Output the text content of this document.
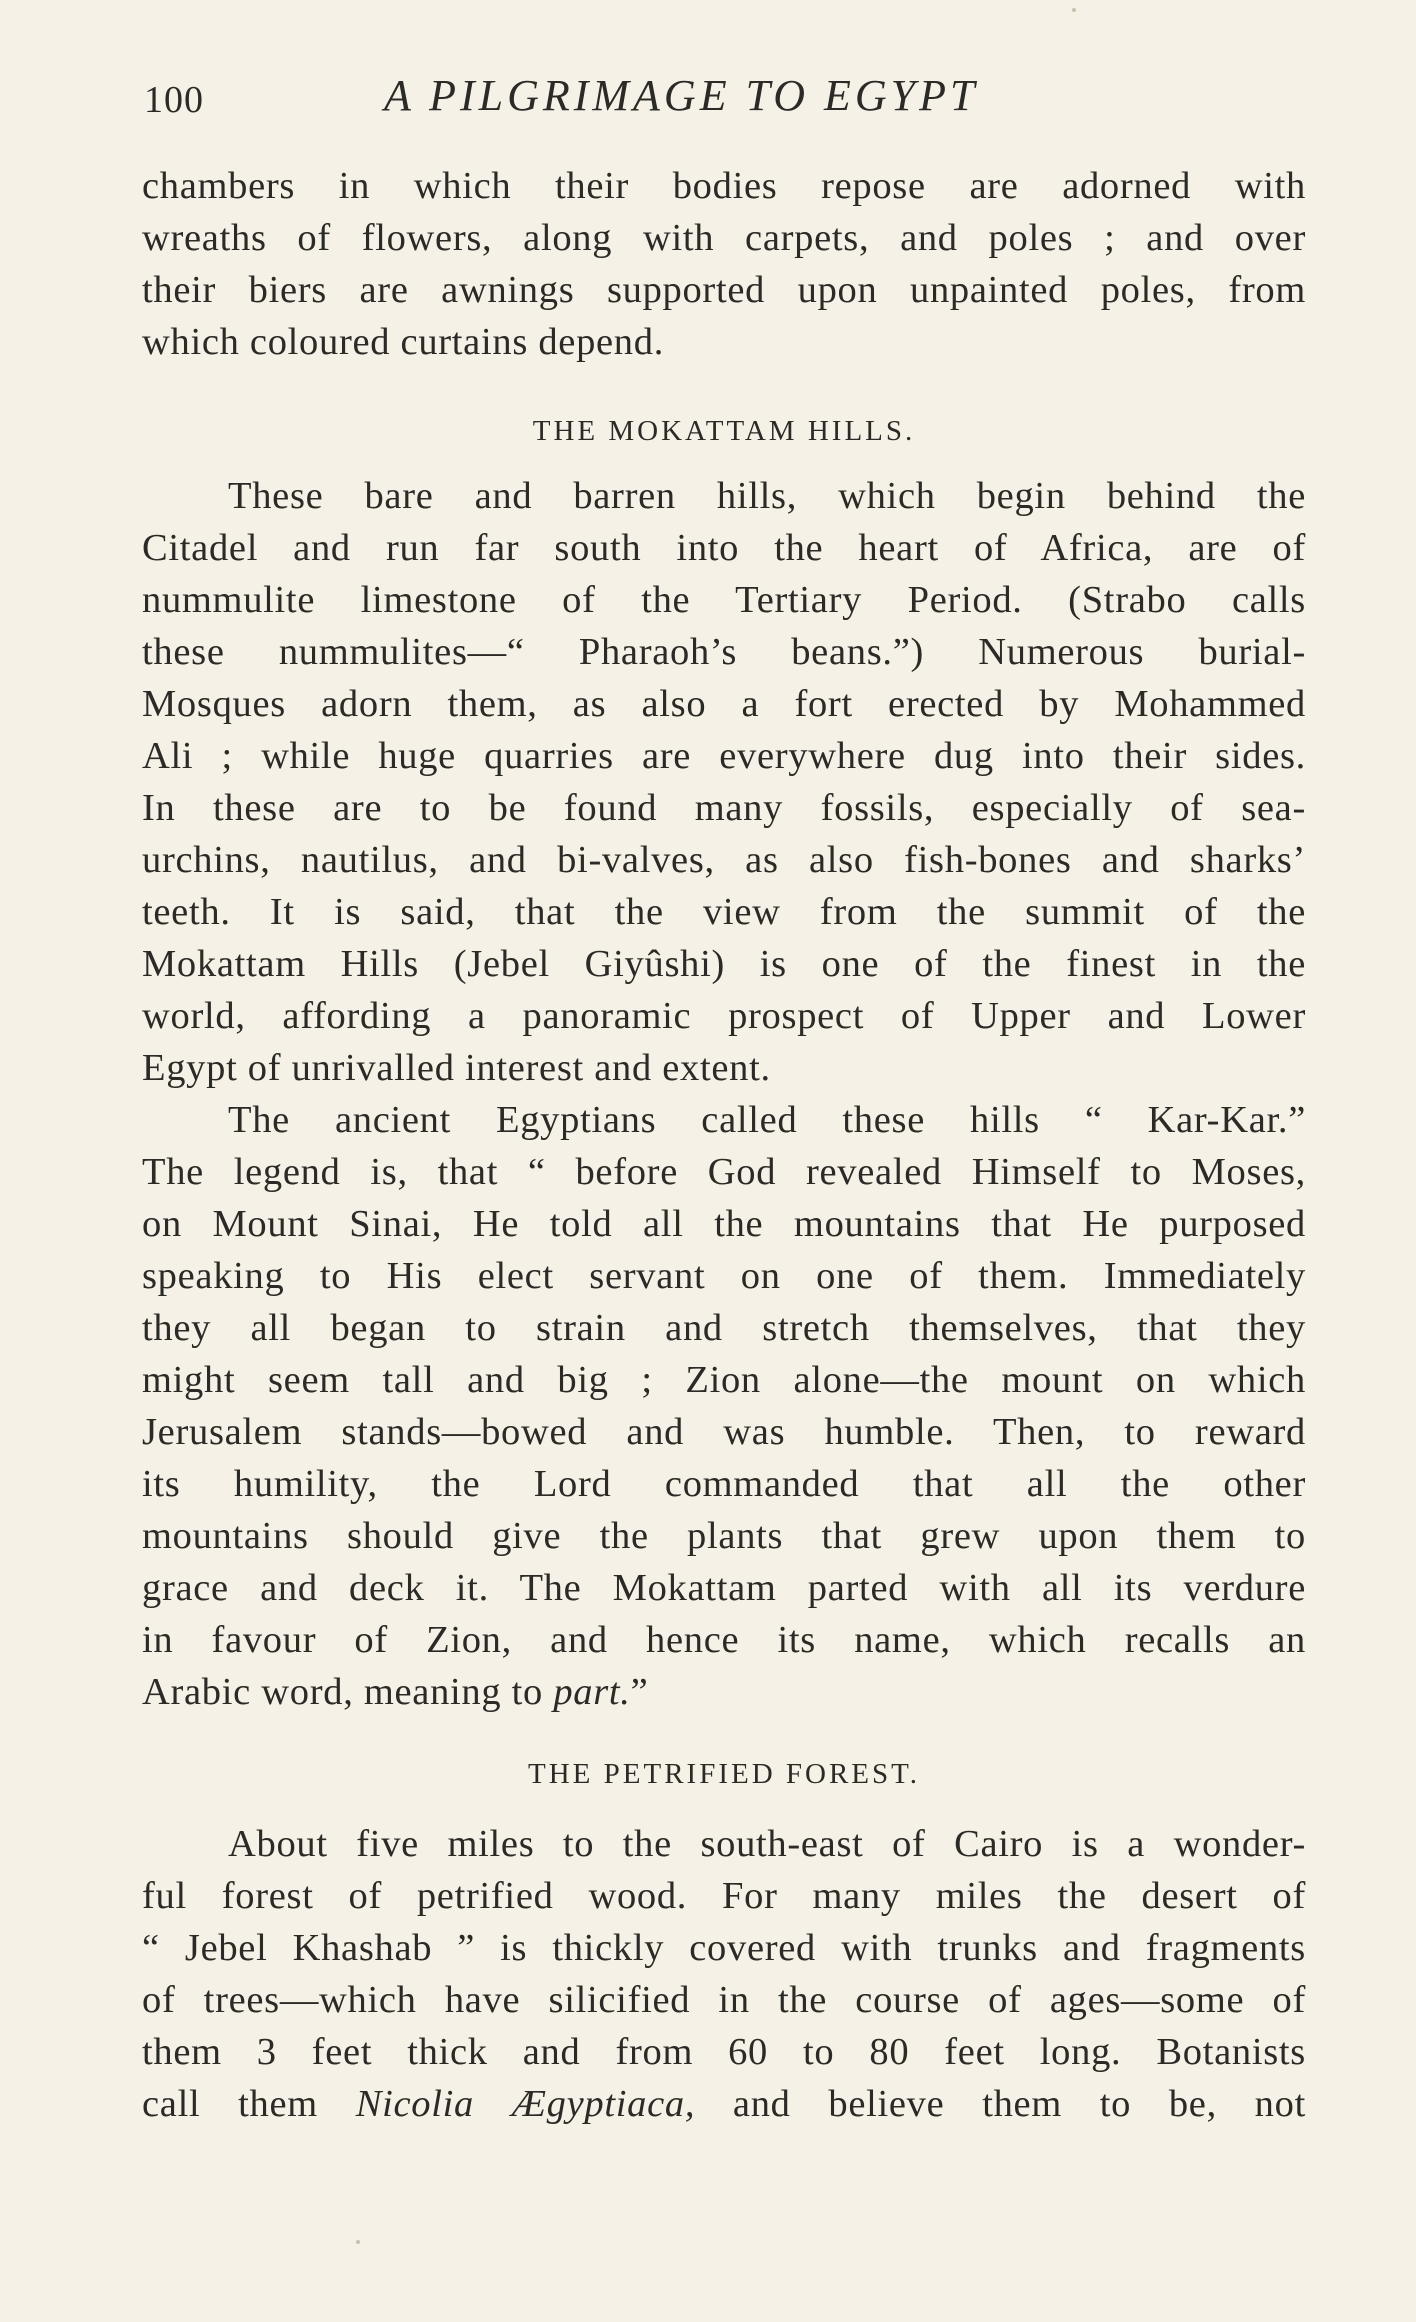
100	A PILGRIMAGE TO EGYPT
chambers in which their bodies repose are adorned with
wreaths of flowers, along with carpets, and poles ; and over
their biers are awnings supported upon unpainted poles, from
which coloured curtains depend.
THE MOKATTAM HILLS.
These bare and barren hills, which begin behind the
Citadel and run far south into the heart of Africa, are of
nummulite limestone of the Tertiary Period. (Strabo calls
these nummulites—“ Pharaoh’s beans.”) Numerous burial-
Mosques adorn them, as also a fort erected by Mohammed
Ali ; while huge quarries are everywhere dug into their sides.
In these are to be found many fossils, especially of sea-
urchins, nautilus, and bi-valves, as also fish-bones and sharks’
teeth. It is said, that the view from the summit of the
Mokattam Hills (Jebel Giyûshi) is one of the finest in the
world, affording a panoramic prospect of Upper and Lower
Egypt of unrivalled interest and extent.
The ancient Egyptians called these hills “ Kar-Kar.”
The legend is, that “ before God revealed Himself to Moses,
on Mount Sinai, He told all the mountains that He purposed
speaking to His elect servant on one of them. Immediately
they all began to strain and stretch themselves, that they
might seem tall and big ; Zion alone—the mount on which
Jerusalem stands—bowed and was humble. Then, to reward
its humility, the Lord commanded that all the other
mountains should give the plants that grew upon them to
grace and deck it. The Mokattam parted with all its verdure
in favour of Zion, and hence its name, which recalls an
Arabic word, meaning to part.”
THE PETRIFIED FOREST.
About five miles to the south-east of Cairo is a wonder-
ful forest of petrified wood. For many miles the desert of
“ Jebel Khashab ” is thickly covered with trunks and fragments
of trees—which have silicified in the course of ages—some of
them 3 feet thick and from 60 to 80 feet long. Botanists
call them Nicolia Ægyptiaca, and believe them to be, not
